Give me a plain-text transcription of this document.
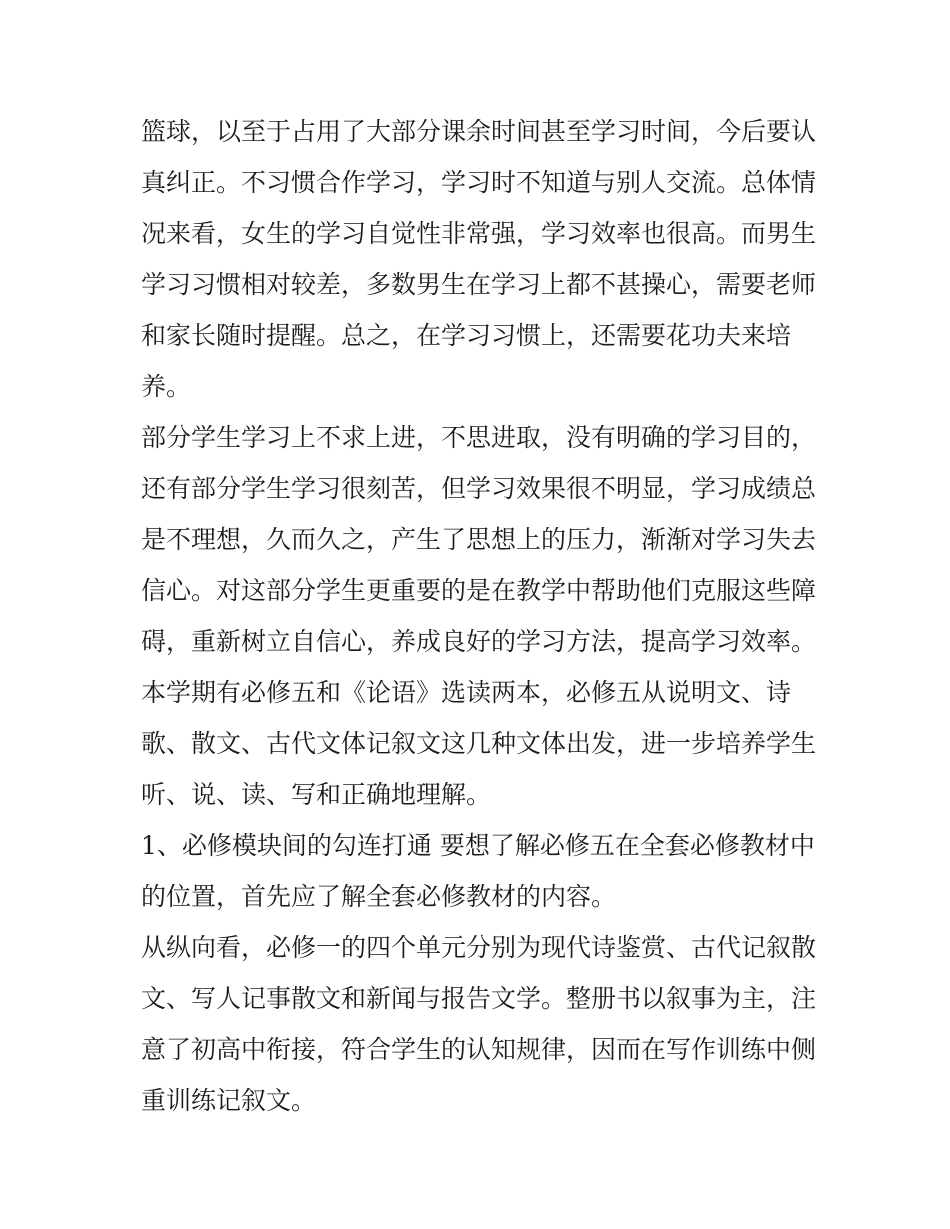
篮球，以至于占用了大部分课余时间甚至学习时间，今后要认
真纠正。不习惯合作学习，学习时不知道与别人交流。总体情
况来看，女生的学习自觉性非常强，学习效率也很高。而男生
学习习惯相对较差，多数男生在学习上都不甚操心，需要老师
和家长随时提醒。总之，在学习习惯上，还需要花功夫来培
养。
部分学生学习上不求上进，不思进取，没有明确的学习目的，
还有部分学生学习很刻苦，但学习效果很不明显，学习成绩总
是不理想，久而久之，产生了思想上的压力，渐渐对学习失去
信心。对这部分学生更重要的是在教学中帮助他们克服这些障
碍，重新树立自信心，养成良好的学习方法，提高学习效率。
本学期有必修五和《论语》选读两本，必修五从说明文、诗
歌、散文、古代文体记叙文这几种文体出发，进一步培养学生
听、说、读、写和正确地理解。
1、必修模块间的勾连打通 要想了解必修五在全套必修教材中
的位置，首先应了解全套必修教材的内容。
从纵向看，必修一的四个单元分别为现代诗鉴赏、古代记叙散
文、写人记事散文和新闻与报告文学。整册书以叙事为主，注
意了初高中衔接，符合学生的认知规律，因而在写作训练中侧
重训练记叙文。
